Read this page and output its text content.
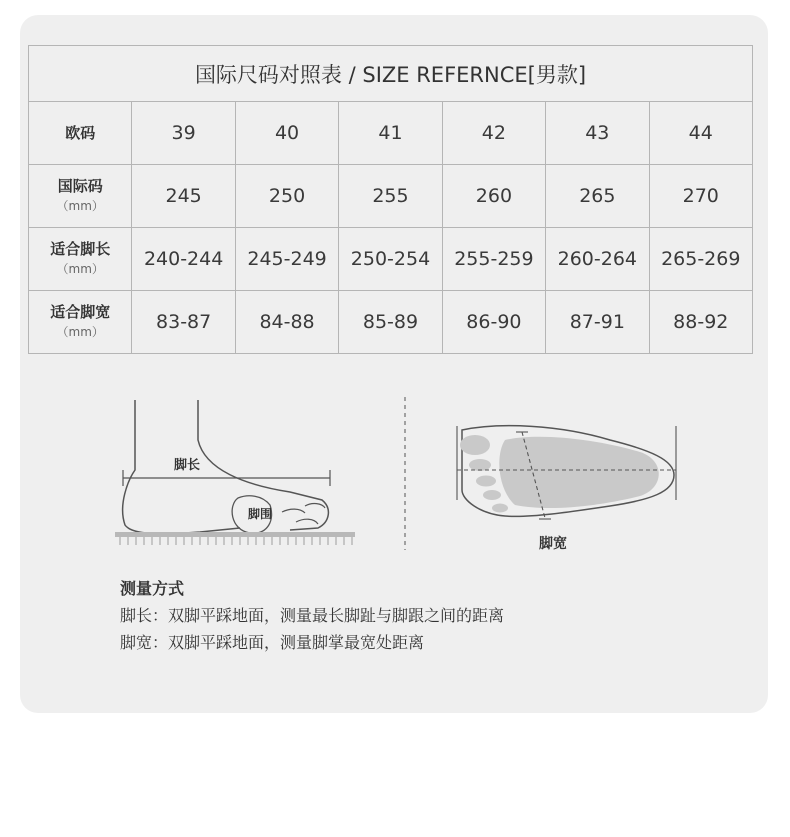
国际尺码对照表 / SIZE REFERNCE[男款]						
欧码	39	40	41	42	43	44
国际码
（mm）	245	250	255	260	265	270
适合脚长
（mm）	240-244	245-249	250-254	255-259	260-264	265-269
适合脚宽
（mm）	83-87	84-88	85-89	86-90	87-91	88-92
脚长
脚围
脚宽
测量方式
脚长：双脚平踩地面，测量最长脚趾与脚跟之间的距离
脚宽：双脚平踩地面，测量脚掌最宽处距离
